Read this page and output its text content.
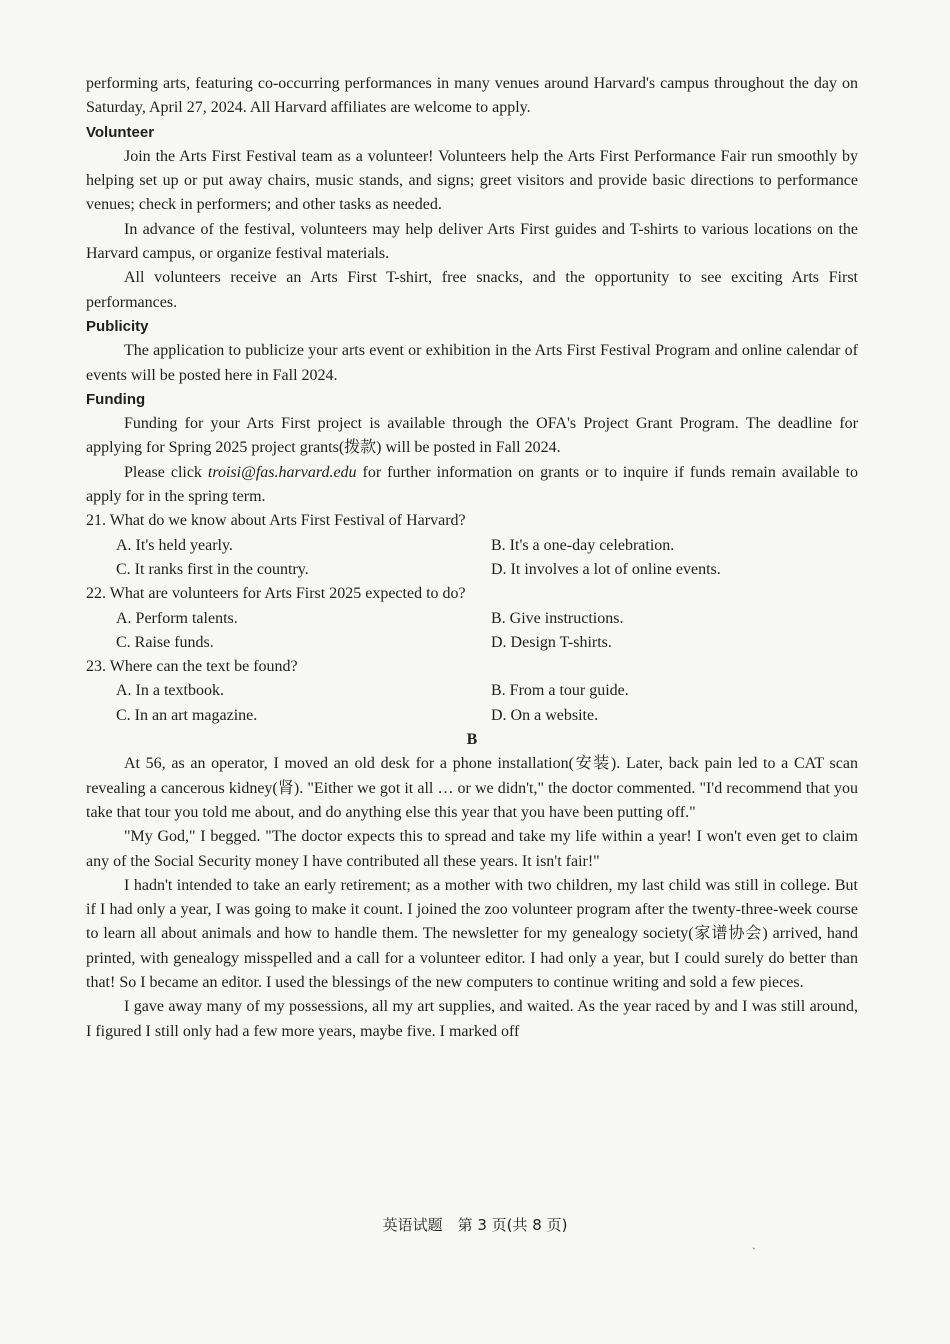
performing arts, featuring co-occurring performances in many venues around Harvard's campus throughout the day on Saturday, April 27, 2024. All Harvard affiliates are welcome to apply.

Volunteer

Join the Arts First Festival team as a volunteer! Volunteers help the Arts First Performance Fair run smoothly by helping set up or put away chairs, music stands, and signs; greet visitors and provide basic directions to performance venues; check in performers; and other tasks as needed.

In advance of the festival, volunteers may help deliver Arts First guides and T-shirts to various locations on the Harvard campus, or organize festival materials.

All volunteers receive an Arts First T-shirt, free snacks, and the opportunity to see exciting Arts First performances.

Publicity

The application to publicize your arts event or exhibition in the Arts First Festival Program and online calendar of events will be posted here in Fall 2024.

Funding

Funding for your Arts First project is available through the OFA's Project Grant Program. The deadline for applying for Spring 2025 project grants(拨款) will be posted in Fall 2024.

Please click troisi@fas.harvard.edu for further information on grants or to inquire if funds remain available to apply for in the spring term.

21. What do we know about Arts First Festival of Harvard?

A. It's held yearly.	B. It's a one-day celebration.
C. It ranks first in the country.	D. It involves a lot of online events.

22. What are volunteers for Arts First 2025 expected to do?

A. Perform talents.	B. Give instructions.
C. Raise funds.	D. Design T-shirts.

23. Where can the text be found?

A. In a textbook.	B. From a tour guide.
C. In an art magazine.	D. On a website.
B

At 56, as an operator, I moved an old desk for a phone installation(安装). Later, back pain led to a CAT scan revealing a cancerous kidney(肾). "Either we got it all … or we didn't," the doctor commented. "I'd recommend that you take that tour you told me about, and do anything else this year that you have been putting off."

"My God," I begged. "The doctor expects this to spread and take my life within a year! I won't even get to claim any of the Social Security money I have contributed all these years. It isn't fair!"

I hadn't intended to take an early retirement; as a mother with two children, my last child was still in college. But if I had only a year, I was going to make it count. I joined the zoo volunteer program after the twenty-three-week course to learn all about animals and how to handle them. The newsletter for my genealogy society(家谱协会) arrived, hand printed, with genealogy misspelled and a call for a volunteer editor. I had only a year, but I could surely do better than that! So I became an editor. I used the blessings of the new computers to continue writing and sold a few pieces.

I gave away many of my possessions, all my art supplies, and waited. As the year raced by and I was still around, I figured I still only had a few more years, maybe five. I marked off

英语试题　第 3 页(共 8 页)
ˎ
